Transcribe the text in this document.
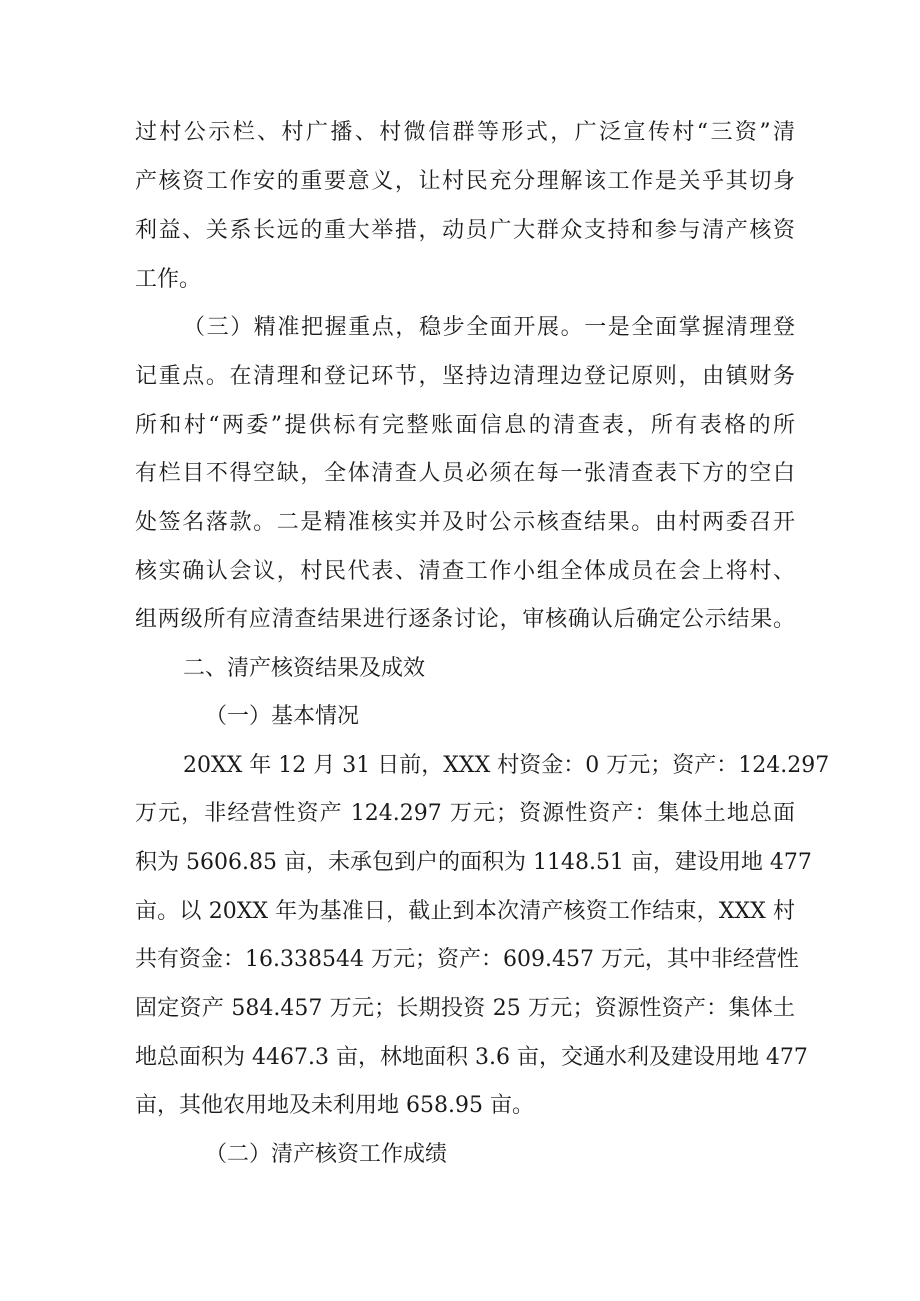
过村公示栏、村广播、村微信群等形式，广泛宣传村“三资”清
产核资工作安的重要意义，让村民充分理解该工作是关乎其切身
利益、关系长远的重大举措，动员广大群众支持和参与清产核资
工作。
（三）精准把握重点，稳步全面开展。一是全面掌握清理登
记重点。在清理和登记环节，坚持边清理边登记原则，由镇财务
所和村“两委”提供标有完整账面信息的清查表，所有表格的所
有栏目不得空缺，全体清查人员必须在每一张清查表下方的空白
处签名落款。二是精准核实并及时公示核查结果。由村两委召开
核实确认会议，村民代表、清查工作小组全体成员在会上将村、
组两级所有应清查结果进行逐条讨论，审核确认后确定公示结果。
二、清产核资结果及成效
（一）基本情况
20XX 年 12 月 31 日前，XXX 村资金：0 万元；资产：124.297
万元，非经营性资产 124.297 万元；资源性资产：集体土地总面
积为 5606.85 亩，未承包到户的面积为 1148.51 亩，建设用地 477
亩。以 20XX 年为基准日，截止到本次清产核资工作结束，XXX 村
共有资金：16.338544 万元；资产：609.457 万元，其中非经营性
固定资产 584.457 万元；长期投资 25 万元；资源性资产：集体土
地总面积为 4467.3 亩，林地面积 3.6 亩，交通水利及建设用地 477
亩，其他农用地及未利用地 658.95 亩。
（二）清产核资工作成绩
